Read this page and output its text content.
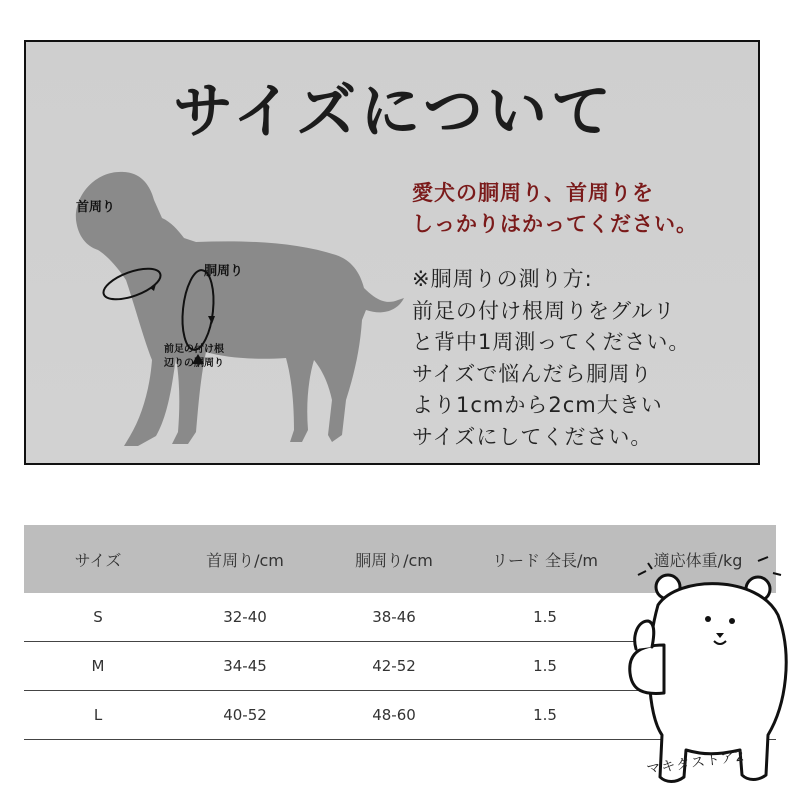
サイズについて
首周り
胴周り
前足の付け根
辺りの胴周り
愛犬の胴周り、首周りを
しっかりはかってください。
※胴周りの測り方:
前足の付け根周りをグルリ
と背中1周測ってください。
サイズで悩んだら胴周り
より1cmから2cm大きい
サイズにしてください。
サイズ	首周り/cm	胴周り/cm	リード 全長/m	適応体重/kg
S	32-40	38-46	1.5
M	34-45	42-52	1.5
L	40-52	48-60	1.5
マキタストア2
